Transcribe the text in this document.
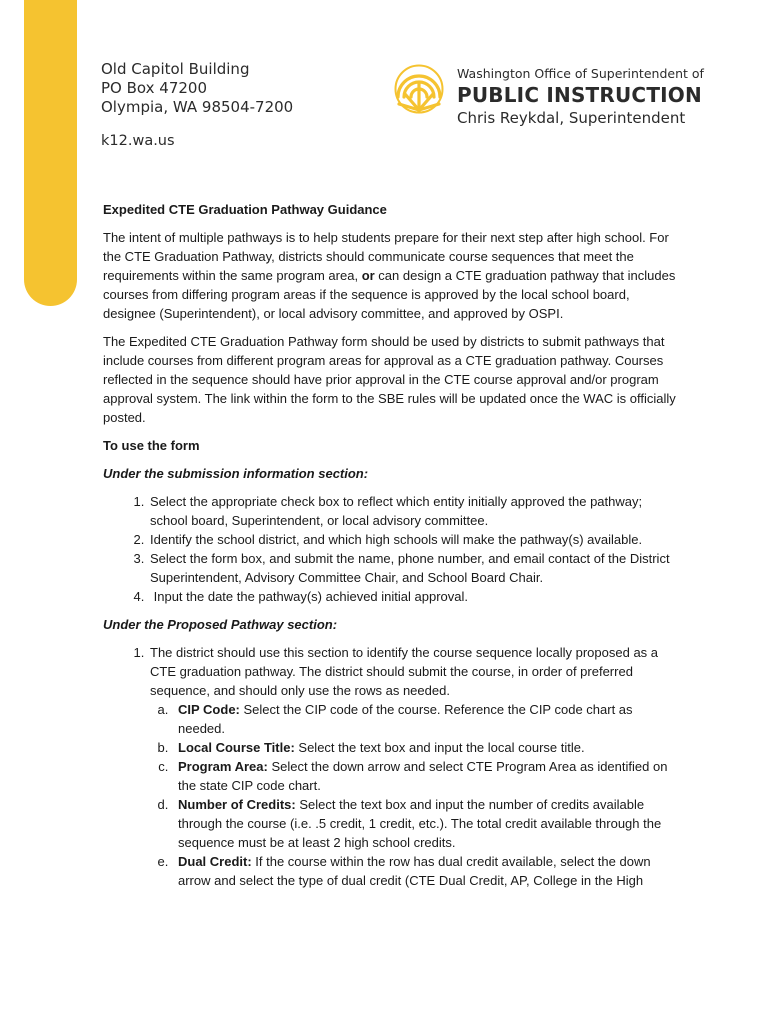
Old Capitol Building
PO Box 47200
Olympia, WA 98504-7200
k12.wa.us
Washington Office of Superintendent of
PUBLIC INSTRUCTION
Chris Reykdal, Superintendent
Expedited CTE Graduation Pathway Guidance

The intent of multiple pathways is to help students prepare for their next step after high school. For the CTE Graduation Pathway, districts should communicate course sequences that meet the requirements within the same program area, or can design a CTE graduation pathway that includes courses from differing program areas if the sequence is approved by the local school board, designee (Superintendent), or local advisory committee, and approved by OSPI.

The Expedited CTE Graduation Pathway form should be used by districts to submit pathways that include courses from different program areas for approval as a CTE graduation pathway. Courses reflected in the sequence should have prior approval in the CTE course approval and/or program approval system. The link within the form to the SBE rules will be updated once the WAC is officially posted.

To use the form
Under the submission information section:
1. Select the appropriate check box to reflect which entity initially approved the pathway; school board, Superintendent, or local advisory committee.
2. Identify the school district, and which high schools will make the pathway(s) available.
3. Select the form box, and submit the name, phone number, and email contact of the District Superintendent, Advisory Committee Chair, and School Board Chair.
4.  Input the date the pathway(s) achieved initial approval.
Under the Proposed Pathway section:
1. The district should use this section to identify the course sequence locally proposed as a CTE graduation pathway. The district should submit the course, in order of preferred sequence, and should only use the rows as needed.
a. CIP Code: Select the CIP code of the course. Reference the CIP code chart as needed.
b. Local Course Title: Select the text box and input the local course title.
c. Program Area: Select the down arrow and select CTE Program Area as identified on the state CIP code chart.
d. Number of Credits: Select the text box and input the number of credits available through the course (i.e. .5 credit, 1 credit, etc.). The total credit available through the sequence must be at least 2 high school credits.
e. Dual Credit: If the course within the row has dual credit available, select the down arrow and select the type of dual credit (CTE Dual Credit, AP, College in the High
